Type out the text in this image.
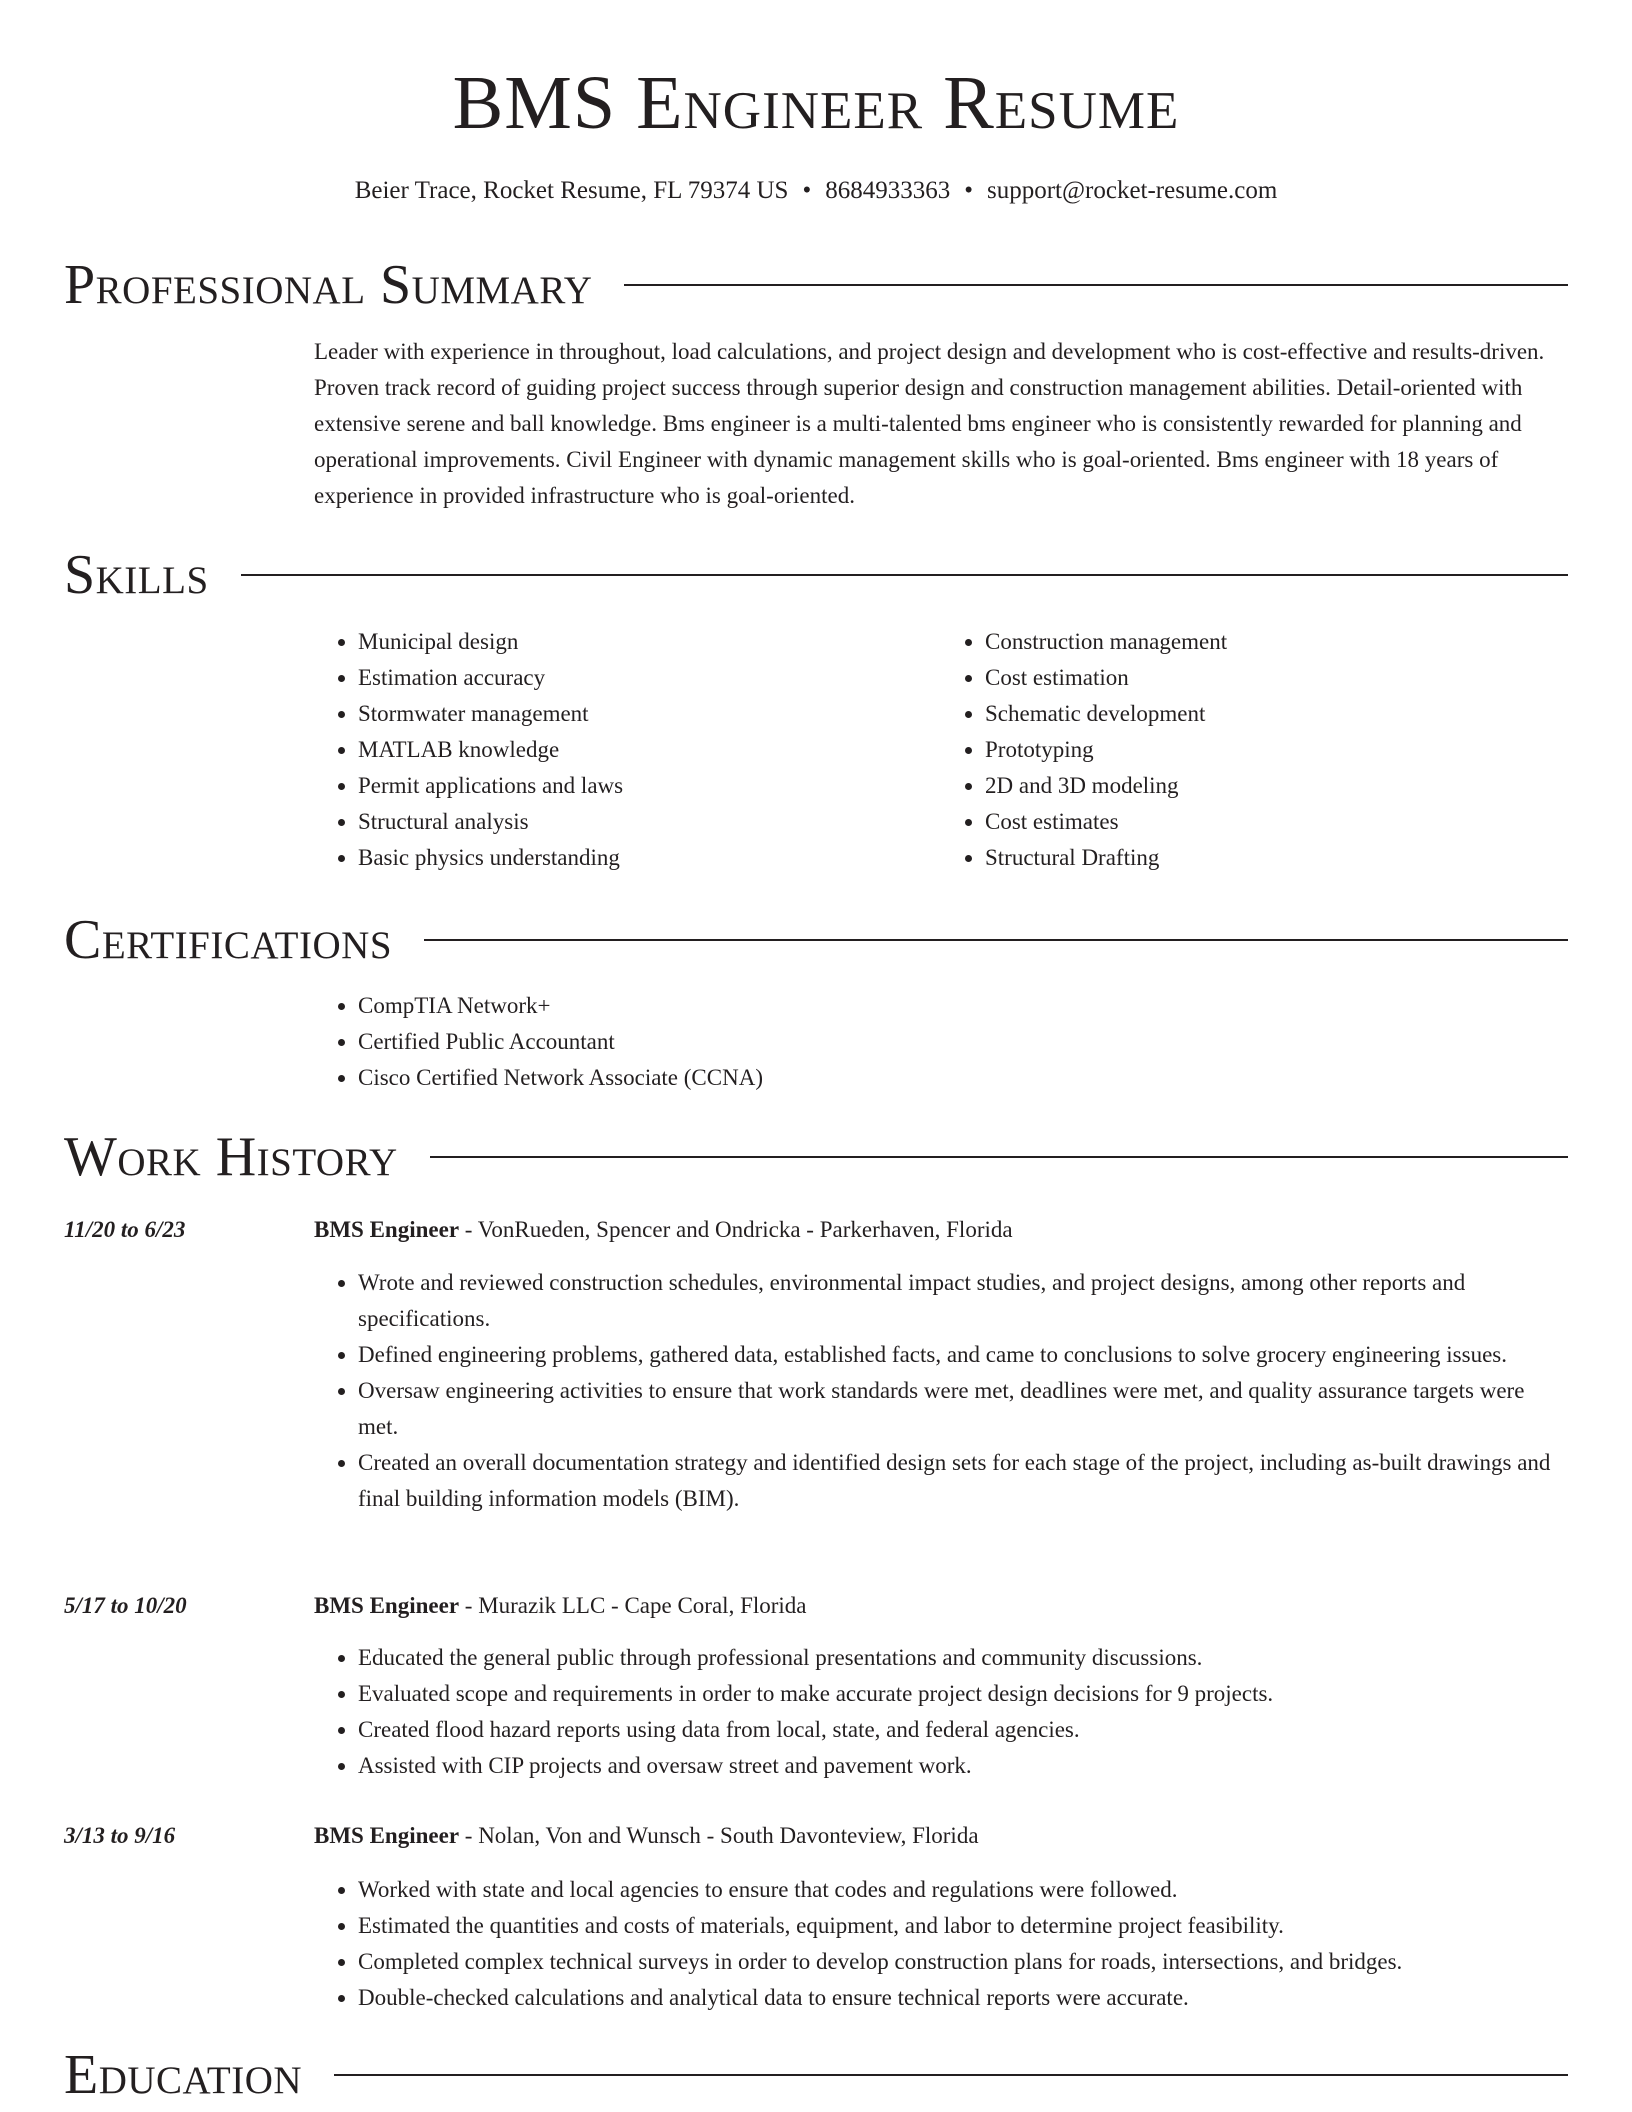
BMS Engineer Resume
Beier Trace, Rocket Resume, FL 79374 US • 8684933363 • support@rocket-resume.com
Professional Summary

Leader with experience in throughout, load calculations, and project design and development who is cost-effective and results-driven. Proven track record of guiding project success through superior design and construction management abilities. Detail-oriented with extensive serene and ball knowledge. Bms engineer is a multi-talented bms engineer who is consistently rewarded for planning and operational improvements. Civil Engineer with dynamic management skills who is goal-oriented. Bms engineer with 18 years of experience in provided infrastructure who is goal-oriented.

Skills
• Municipal design
• Estimation accuracy
• Stormwater management
• MATLAB knowledge
• Permit applications and laws
• Structural analysis
• Basic physics understanding
• Construction management
• Cost estimation
• Schematic development
• Prototyping
• 2D and 3D modeling
• Cost estimates
• Structural Drafting
Certifications
• CompTIA Network+
• Certified Public Accountant
• Cisco Certified Network Associate (CCNA)
Work History
11/20 to 6/23	BMS Engineer - VonRueden, Spencer and Ondricka - Parkerhaven, Florida
• Wrote and reviewed construction schedules, environmental impact studies, and project designs, among other reports and specifications.
• Defined engineering problems, gathered data, established facts, and came to conclusions to solve grocery engineering issues.
• Oversaw engineering activities to ensure that work standards were met, deadlines were met, and quality assurance targets were met.
• Created an overall documentation strategy and identified design sets for each stage of the project, including as-built drawings and final building information models (BIM).
5/17 to 10/20	BMS Engineer - Murazik LLC - Cape Coral, Florida
• Educated the general public through professional presentations and community discussions.
• Evaluated scope and requirements in order to make accurate project design decisions for 9 projects.
• Created flood hazard reports using data from local, state, and federal agencies.
• Assisted with CIP projects and oversaw street and pavement work.
3/13 to 9/16	BMS Engineer - Nolan, Von and Wunsch - South Davonteview, Florida
• Worked with state and local agencies to ensure that codes and regulations were followed.
• Estimated the quantities and costs of materials, equipment, and labor to determine project feasibility.
• Completed complex technical surveys in order to develop construction plans for roads, intersections, and bridges.
• Double-checked calculations and analytical data to ensure technical reports were accurate.
Education
